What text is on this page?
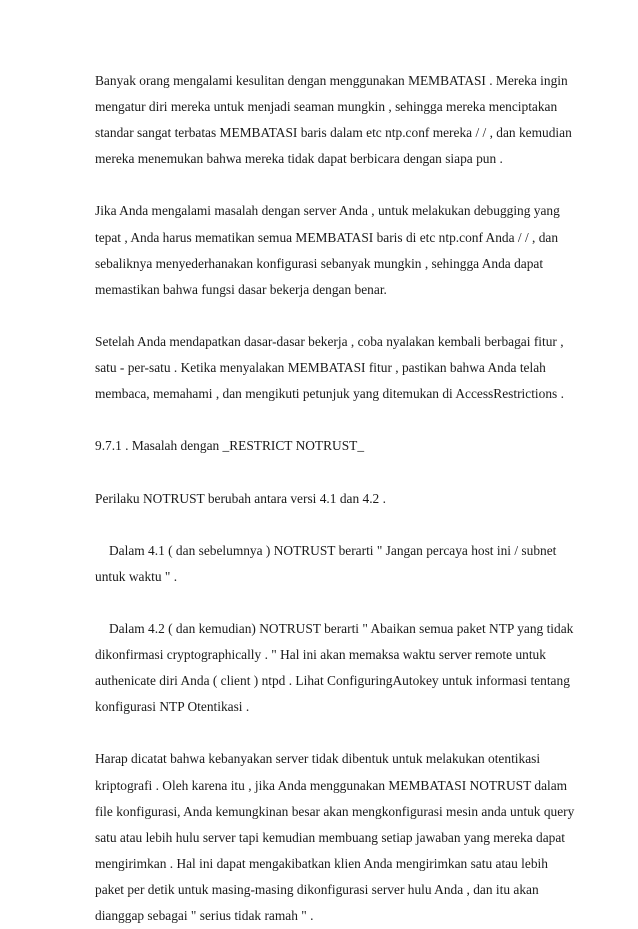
Banyak orang mengalami kesulitan dengan menggunakan MEMBATASI . Mereka ingin
mengatur diri mereka untuk menjadi seaman mungkin , sehingga mereka menciptakan
standar sangat terbatas MEMBATASI baris dalam etc ntp.conf mereka / / , dan kemudian
mereka menemukan bahwa mereka tidak dapat berbicara dengan siapa pun .
Jika Anda mengalami masalah dengan server Anda , untuk melakukan debugging yang
tepat , Anda harus mematikan semua MEMBATASI baris di etc ntp.conf Anda / / , dan
sebaliknya menyederhanakan konfigurasi sebanyak mungkin , sehingga Anda dapat
memastikan bahwa fungsi dasar bekerja dengan benar.
Setelah Anda mendapatkan dasar-dasar bekerja , coba nyalakan kembali berbagai fitur ,
satu - per-satu . Ketika menyalakan MEMBATASI fitur , pastikan bahwa Anda telah
membaca, memahami , dan mengikuti petunjuk yang ditemukan di AccessRestrictions .
9.7.1 . Masalah dengan _RESTRICT NOTRUST_
Perilaku NOTRUST berubah antara versi 4.1 dan 4.2 .
Dalam 4.1 ( dan sebelumnya ) NOTRUST berarti " Jangan percaya host ini / subnet
untuk waktu " .
Dalam 4.2 ( dan kemudian) NOTRUST berarti " Abaikan semua paket NTP yang tidak
dikonfirmasi cryptographically . " Hal ini akan memaksa waktu server remote untuk
authenicate diri Anda ( client ) ntpd . Lihat ConfiguringAutokey untuk informasi tentang
konfigurasi NTP Otentikasi .
Harap dicatat bahwa kebanyakan server tidak dibentuk untuk melakukan otentikasi
kriptografi . Oleh karena itu , jika Anda menggunakan MEMBATASI NOTRUST dalam
file konfigurasi, Anda kemungkinan besar akan mengkonfigurasi mesin anda untuk query
satu atau lebih hulu server tapi kemudian membuang setiap jawaban yang mereka dapat
mengirimkan . Hal ini dapat mengakibatkan klien Anda mengirimkan satu atau lebih
paket per detik untuk masing-masing dikonfigurasi server hulu Anda , dan itu akan
dianggap sebagai " serius tidak ramah " .
